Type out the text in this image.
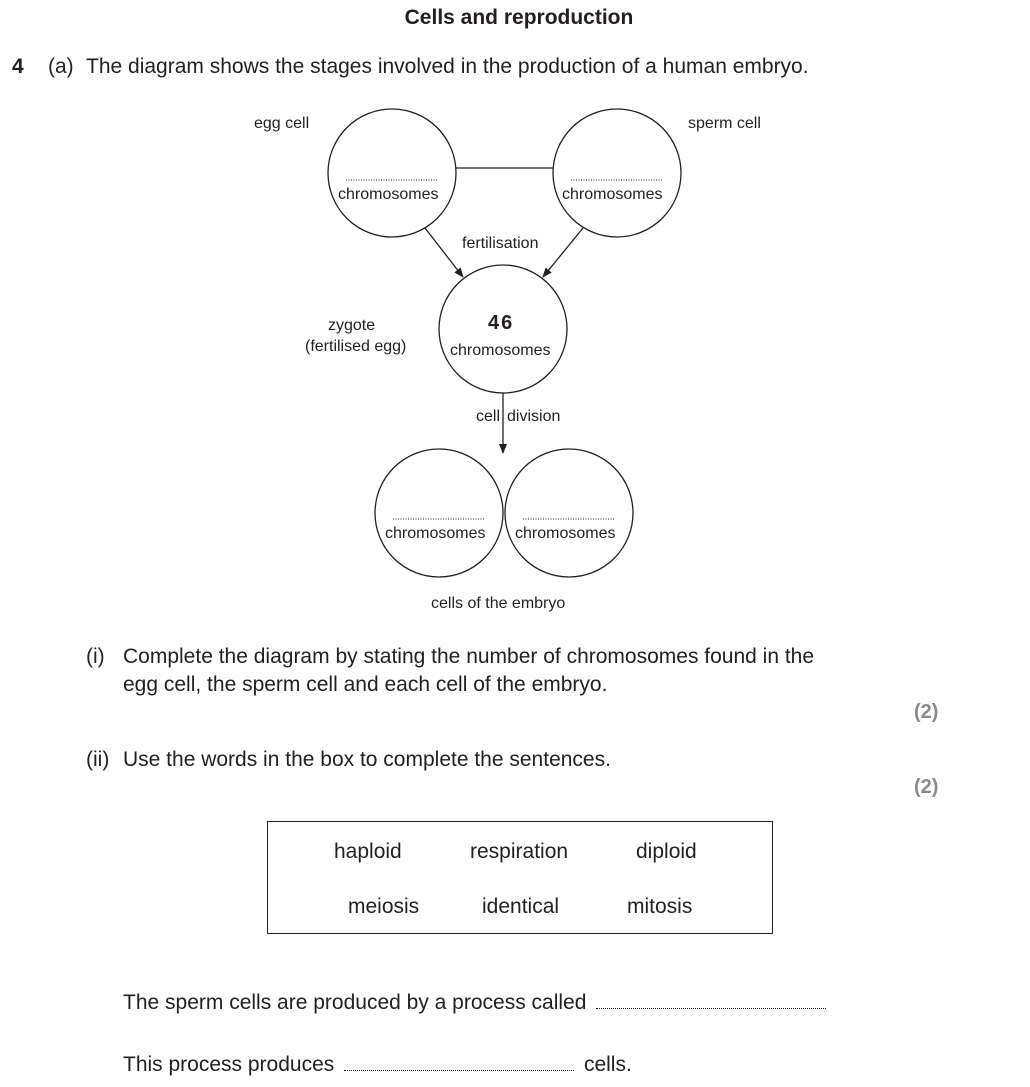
Cells and reproduction
4 (a) The diagram shows the stages involved in the production of a human embryo.
egg cell	sperm cell
chromosomes	chromosomes
fertilisation
zygote
(fertilised egg)
46
chromosomes
cell division
chromosomes chromosomes
cells of the embryo
(i) Complete the diagram by stating the number of chromosomes found in the
egg cell, the sperm cell and each cell of the embryo.
(2)
(ii) Use the words in the box to complete the sentences.
(2)
haploid	respiration	diploid
meiosis	identical	mitosis
The sperm cells are produced by a process called
This process produces	cells.
